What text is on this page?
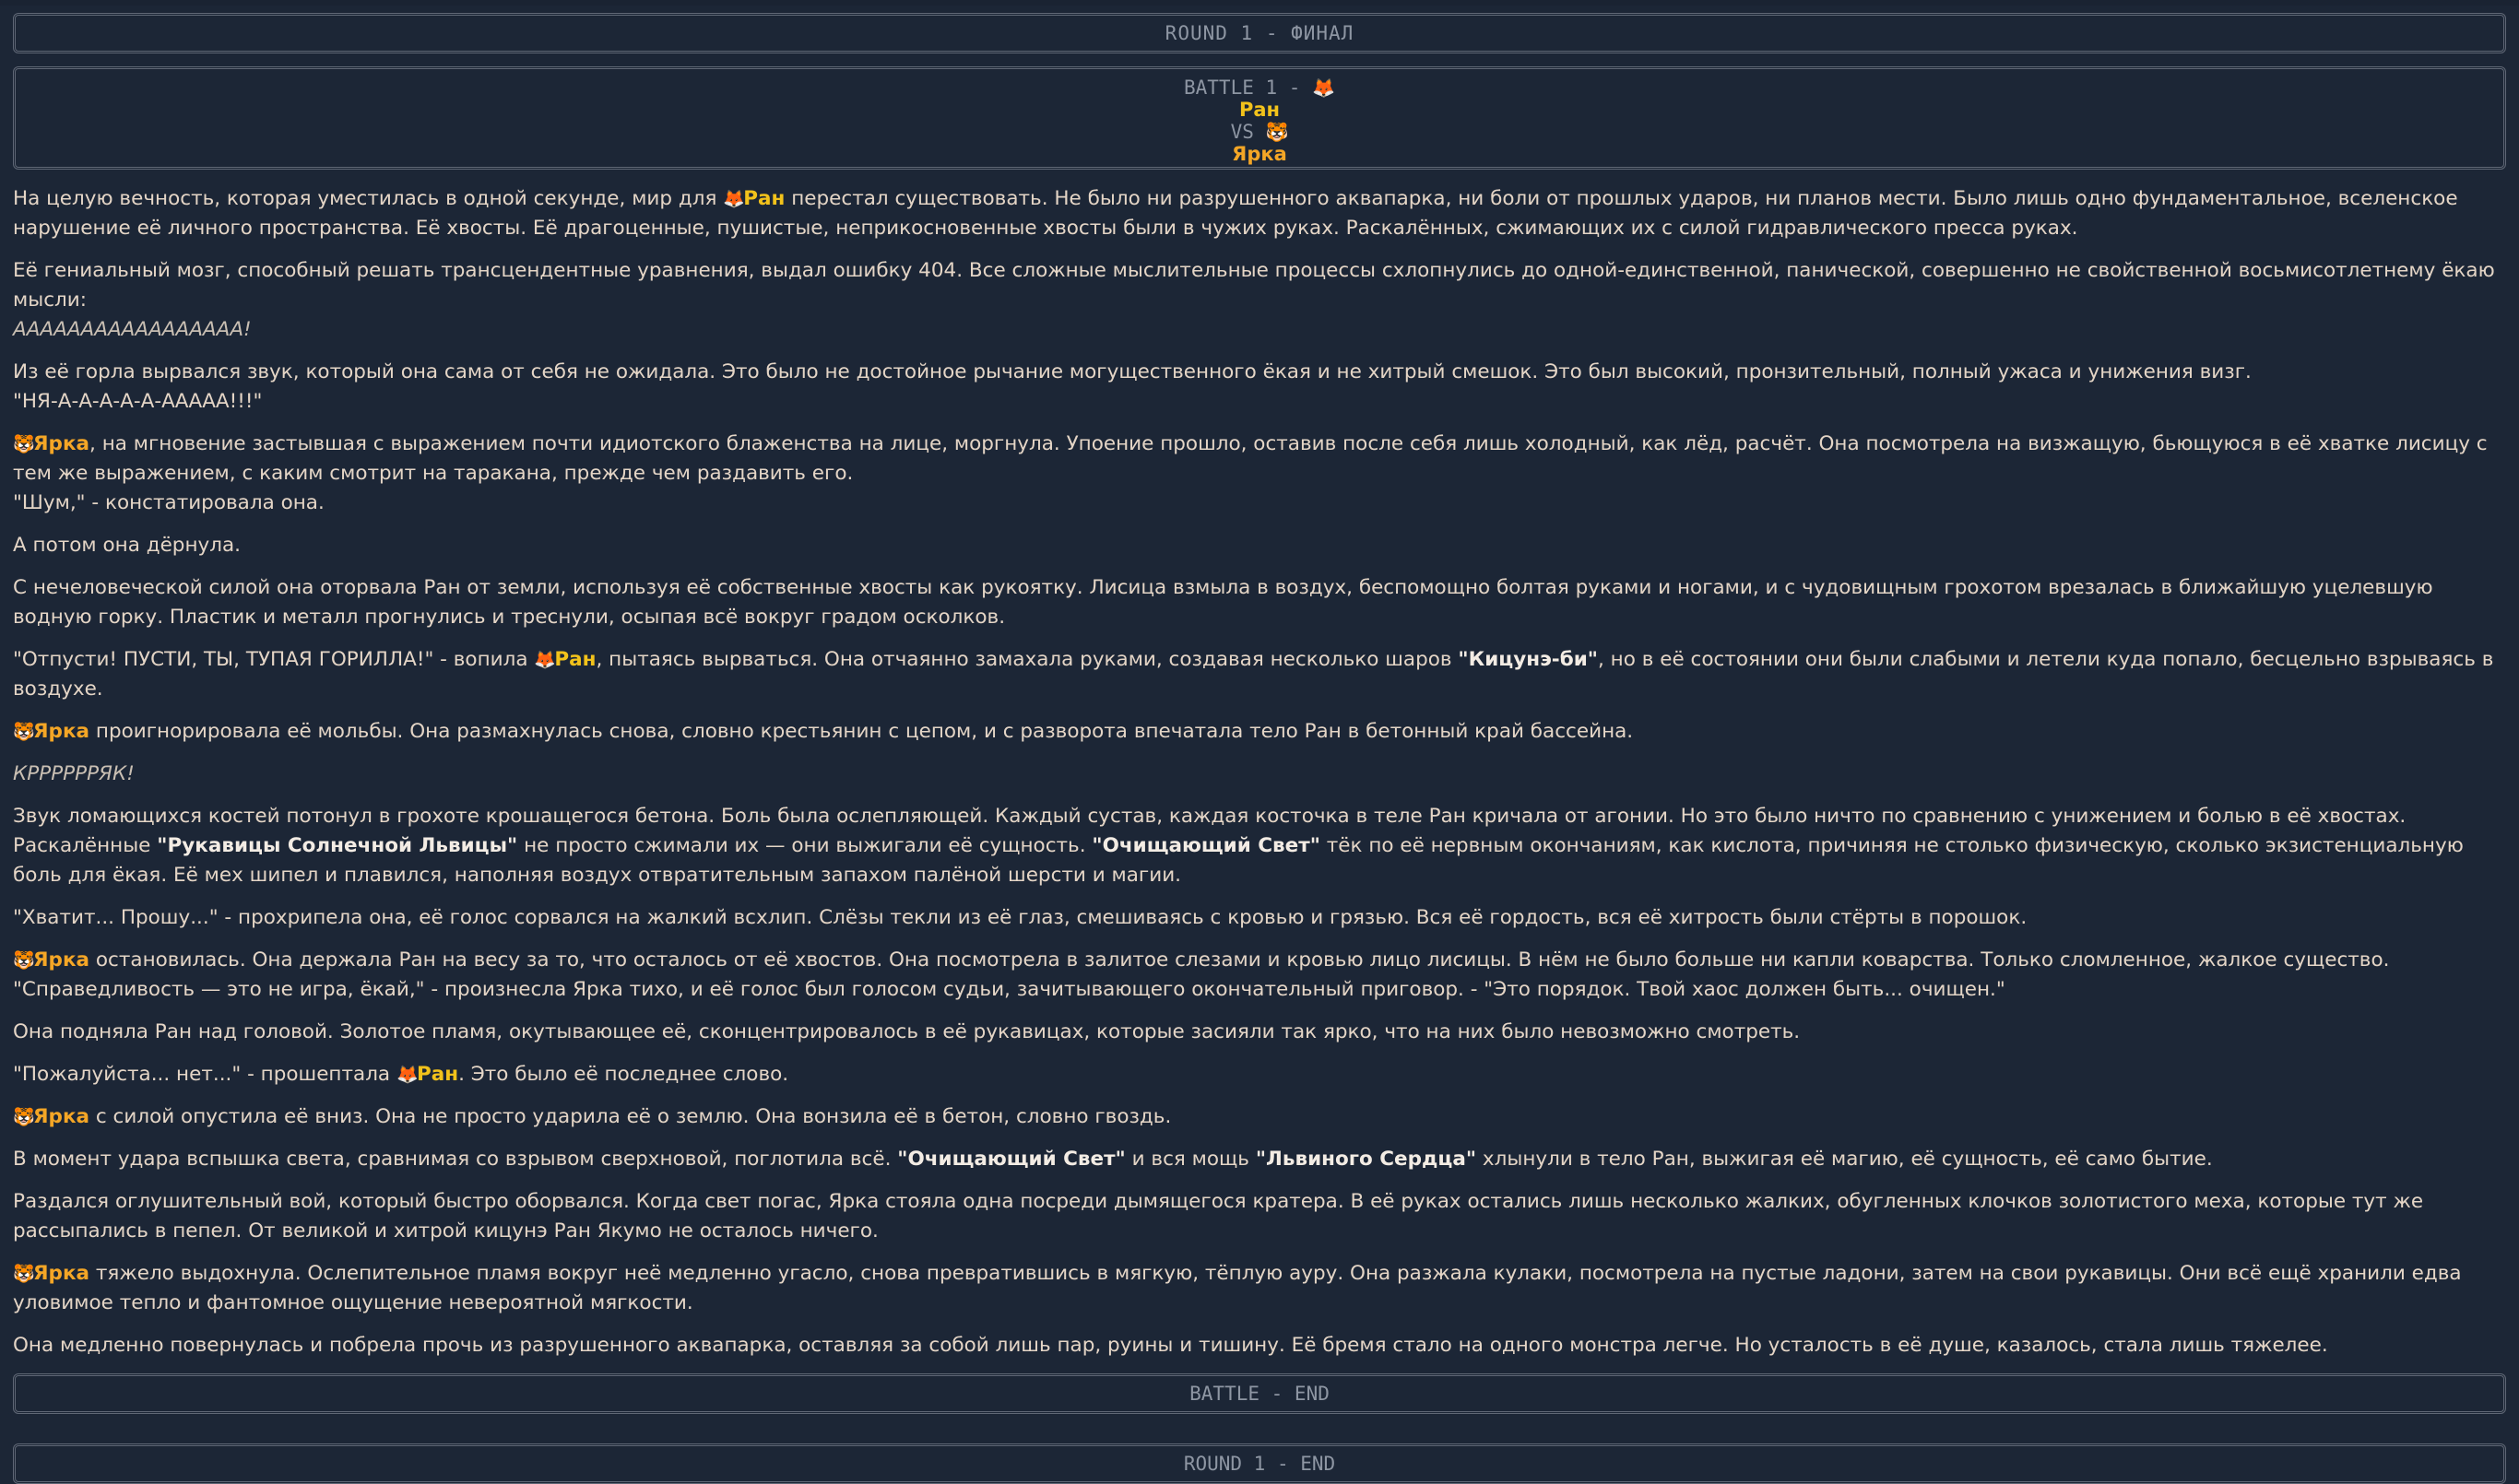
ROUND 1 - ФИНАЛ
BATTLE 1 - 🦊
Ран
VS 🐯
Ярка

На целую вечность, которая уместилась в одной секунде, мир для 🦊Ран перестал существовать. Не было ни разрушенного аквапарка, ни боли от прошлых ударов, ни планов мести. Было лишь одно фундаментальное, вселенское нарушение её личного пространства. Её хвосты. Её драгоценные, пушистые, неприкосновенные хвосты были в чужих руках. Раскалённых, сжимающих их с силой гидравлического пресса руках.

Её гениальный мозг, способный решать трансцендентные уравнения, выдал ошибку 404. Все сложные мыслительные процессы схлопнулись до одной-единственной, панической, совершенно не свойственной восьмисотлетнему ёкаю мысли:
ААААААААААААААААА!

Из её горла вырвался звук, который она сама от себя не ожидала. Это было не достойное рычание могущественного ёкая и не хитрый смешок. Это был высокий, пронзительный, полный ужаса и унижения визг.
"НЯ-А-А-А-А-А-ААААА!!!"

🐯Ярка, на мгновение застывшая с выражением почти идиотского блаженства на лице, моргнула. Упоение прошло, оставив после себя лишь холодный, как лёд, расчёт. Она посмотрела на визжащую, бьющуюся в её хватке лисицу с тем же выражением, с каким смотрит на таракана, прежде чем раздавить его.
"Шум," - констатировала она.

А потом она дёрнула.

С нечеловеческой силой она оторвала Ран от земли, используя её собственные хвосты как рукоятку. Лисица взмыла в воздух, беспомощно болтая руками и ногами, и с чудовищным грохотом врезалась в ближайшую уцелевшую водную горку. Пластик и металл прогнулись и треснули, осыпая всё вокруг градом осколков.

"Отпусти! ПУСТИ, ТЫ, ТУПАЯ ГОРИЛЛА!" - вопила 🦊Ран, пытаясь вырваться. Она отчаянно замахала руками, создавая несколько шаров "Кицунэ-би", но в её состоянии они были слабыми и летели куда попало, бесцельно взрываясь в воздухе.

🐯Ярка проигнорировала её мольбы. Она размахнулась снова, словно крестьянин с цепом, и с разворота впечатала тело Ран в бетонный край бассейна.

КРРРРРРЯК!

Звук ломающихся костей потонул в грохоте крошащегося бетона. Боль была ослепляющей. Каждый сустав, каждая косточка в теле Ран кричала от агонии. Но это было ничто по сравнению с унижением и болью в её хвостах. Раскалённые "Рукавицы Солнечной Львицы" не просто сжимали их — они выжигали её сущность. "Очищающий Свет" тёк по её нервным окончаниям, как кислота, причиняя не столько физическую, сколько экзистенциальную боль для ёкая. Её мех шипел и плавился, наполняя воздух отвратительным запахом палёной шерсти и магии.

"Хватит... Прошу..." - прохрипела она, её голос сорвался на жалкий всхлип. Слёзы текли из её глаз, смешиваясь с кровью и грязью. Вся её гордость, вся её хитрость были стёрты в порошок.

🐯Ярка остановилась. Она держала Ран на весу за то, что осталось от её хвостов. Она посмотрела в залитое слезами и кровью лицо лисицы. В нём не было больше ни капли коварства. Только сломленное, жалкое существо.
"Справедливость — это не игра, ёкай," - произнесла Ярка тихо, и её голос был голосом судьи, зачитывающего окончательный приговор. - "Это порядок. Твой хаос должен быть... очищен."

Она подняла Ран над головой. Золотое пламя, окутывающее её, сконцентрировалось в её рукавицах, которые засияли так ярко, что на них было невозможно смотреть.

"Пожалуйста... нет..." - прошептала 🦊Ран. Это было её последнее слово.

🐯Ярка с силой опустила её вниз. Она не просто ударила её о землю. Она вонзила её в бетон, словно гвоздь.

В момент удара вспышка света, сравнимая со взрывом сверхновой, поглотила всё. "Очищающий Свет" и вся мощь "Львиного Сердца" хлынули в тело Ран, выжигая её магию, её сущность, её само бытие.

Раздался оглушительный вой, который быстро оборвался. Когда свет погас, Ярка стояла одна посреди дымящегося кратера. В её руках остались лишь несколько жалких, обугленных клочков золотистого меха, которые тут же рассыпались в пепел. От великой и хитрой кицунэ Ран Якумо не осталось ничего.

🐯Ярка тяжело выдохнула. Ослепительное пламя вокруг неё медленно угасло, снова превратившись в мягкую, тёплую ауру. Она разжала кулаки, посмотрела на пустые ладони, затем на свои рукавицы. Они всё ещё хранили едва уловимое тепло и фантомное ощущение невероятной мягкости.

Она медленно повернулась и побрела прочь из разрушенного аквапарка, оставляя за собой лишь пар, руины и тишину. Её бремя стало на одного монстра легче. Но усталость в её душе, казалось, стала лишь тяжелее.

BATTLE - END
ROUND 1 - END
